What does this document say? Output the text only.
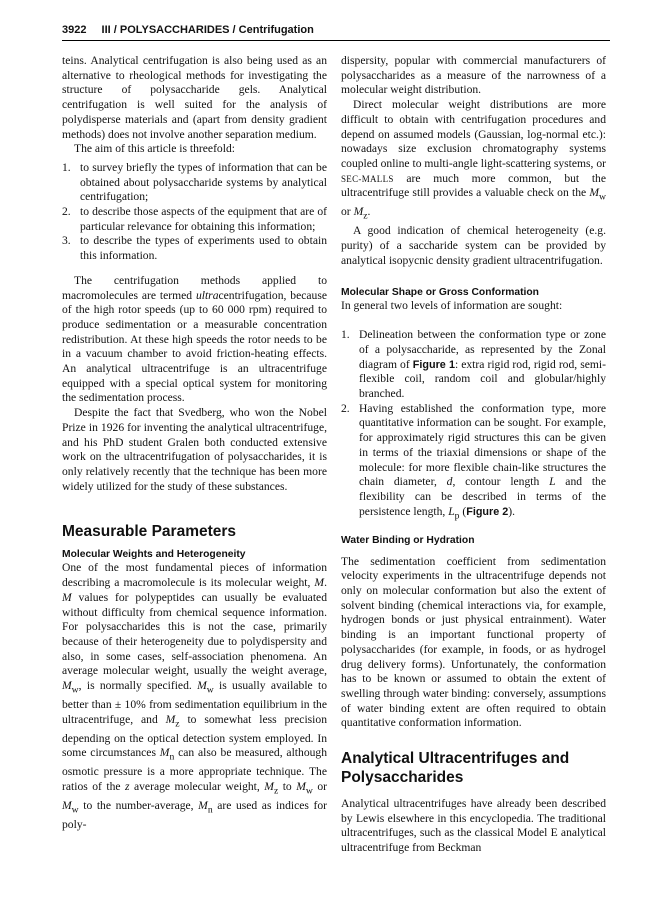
3922 III / POLYSACCHARIDES / Centrifugation

teins. Analytical centrifugation is also being used as an alternative to rheological methods for investigating the structure of polysaccharide gels. Analytical centrifugation is well suited for the analysis of polydisperse materials and (apart from density gradient methods) does not involve another separation medium.

The aim of this article is threefold:

1. to survey briefly the types of information that can be obtained about polysaccharide systems by analytical centrifugation;
2. to describe those aspects of the equipment that are of particular relevance for obtaining this information;
3. to describe the types of experiments used to obtain this information.

The centrifugation methods applied to macromolecules are termed ultracentrifugation, because of the high rotor speeds (up to 60 000 rpm) required to produce sedimentation or a measurable concentration redistribution. At these high speeds the rotor needs to be in a vacuum chamber to avoid friction-heating effects. An analytical ultracentrifuge is an ultracentrifuge equipped with a special optical system for monitoring the sedimentation process.

Despite the fact that Svedberg, who won the Nobel Prize in 1926 for inventing the analytical ultracentrifuge, and his PhD student Gralen both conducted extensive work on the ultracentrifugation of polysaccharides, it is only relatively recently that the technique has been more widely utilized for the study of these substances.

Measurable Parameters
Molecular Weights and Heterogeneity

One of the most fundamental pieces of information describing a macromolecule is its molecular weight, M. M values for polypeptides can usually be evaluated without difficulty from chemical sequence information. For polysaccharides this is not the case, primarily because of their heterogeneity due to polydispersity and also, in some cases, self-association phenomena. An average molecular weight, usually the weight average, $M_w$, is normally specified. $M_w$ is usually available to better than ± 10% from sedimentation equilibrium in the ultracentrifuge, and $M_z$ to somewhat less precision depending on the optical detection system employed. In some circumstances $M_n$ can also be measured, although osmotic pressure is a more appropriate technique. The ratios of the z average molecular weight, $M_z$ to $M_w$ or $M_w$ to the number-average, $M_n$ are used as indices for poly-

dispersity, popular with commercial manufacturers of polysaccharides as a measure of the narrowness of a molecular weight distribution.

Direct molecular weight distributions are more difficult to obtain with centrifugation procedures and depend on assumed models (Gaussian, log-normal etc.): nowadays size exclusion chromatography systems coupled online to multi-angle light-scattering systems, or SEC-MALLS are much more common, but the ultracentrifuge still provides a valuable check on the $M_w$ or $M_z$.

A good indication of chemical heterogeneity (e.g. purity) of a saccharide system can be provided by analytical isopycnic density gradient ultracentrifugation.

Molecular Shape or Gross Conformation

In general two levels of information are sought:

1. Delineation between the conformation type or zone of a polysaccharide, as represented by the Zonal diagram of Figure 1: extra rigid rod, rigid rod, semi-flexible coil, random coil and globular/highly branched.
2. Having established the conformation type, more quantitative information can be sought. For example, for approximately rigid structures this can be given in terms of the triaxial dimensions or shape of the molecule: for more flexible chain-like structures the chain diameter, d, contour length L and the flexibility can be described in terms of the persistence length, $L_p$ (Figure 2).
Water Binding or Hydration

The sedimentation coefficient from sedimentation velocity experiments in the ultracentrifuge depends not only on molecular conformation but also the extent of solvent binding (chemical interactions via, for example, hydrogen bonds or just physical entrainment). Water binding is an important functional property of polysaccharides (for example, in foods, or as hydrogel drug delivery forms). Unfortunately, the conformation has to be known or assumed to obtain the extent of swelling through water binding: conversely, assumptions of water binding extent are often required to obtain quantitative conformation information.

Analytical Ultracentrifuges and Polysaccharides

Analytical ultracentrifuges have already been described by Lewis elsewhere in this encyclopedia. The traditional ultracentrifuges, such as the classical Model E analytical ultracentrifuge from Beckman
